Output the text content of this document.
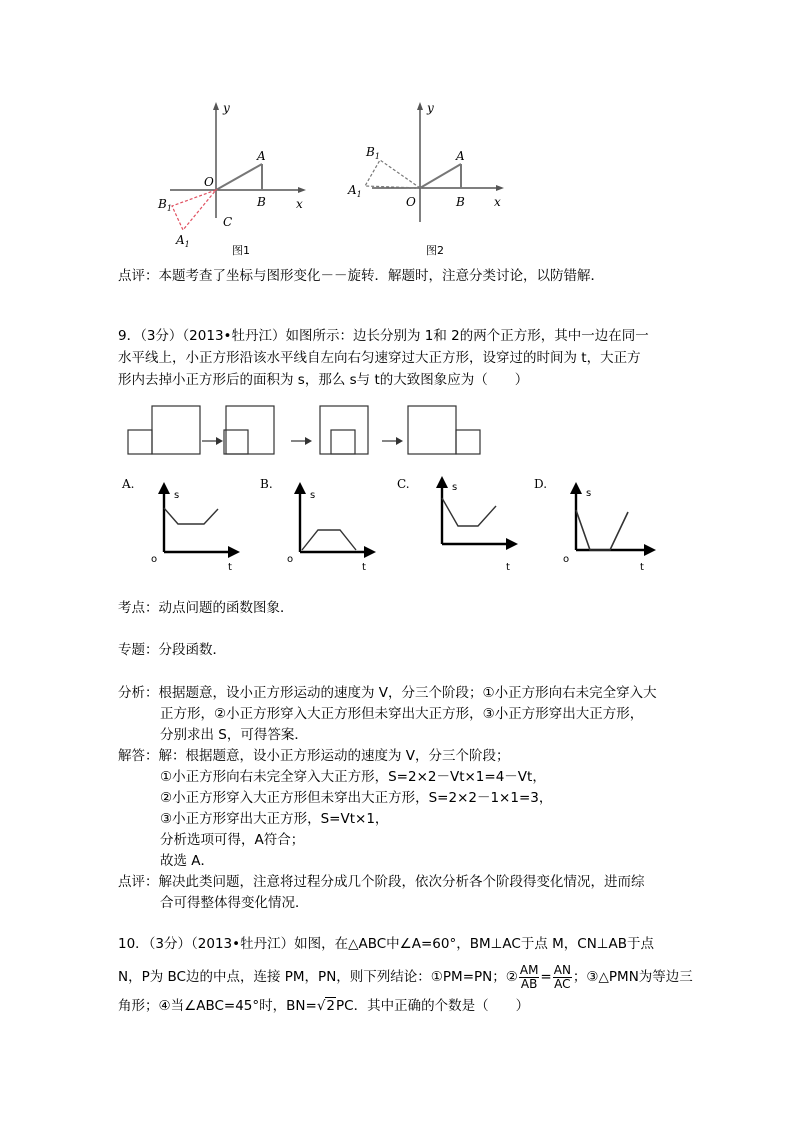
y
x
O
A
B
C
$B_1$
$A_1$	图1
y
x
O
A
B
$B_1$
$A_1$
图2
点评：本题考查了坐标与图形变化－－旋转．解题时，注意分类讨论，以防错解．
9．（3分）（2013•牡丹江）如图所示：边长分别为 1和 2的两个正方形，其中一边在同一
水平线上，小正方形沿该水平线自左向右匀速穿过大正方形，设穿过的时间为 t，大正方
形内去掉小正方形后的面积为 s，那么 s与 t的大致图象应为（　　）
A.	B.	C.	D.
s
o
t
s
o
t
s
t
s
o
t
考点：动点问题的函数图象．
专题：分段函数．
分析：根据题意，设小正方形运动的速度为 V，分三个阶段；①小正方形向右未完全穿入大
正方形，②小正方形穿入大正方形但未穿出大正方形，③小正方形穿出大正方形，
分别求出 S，可得答案．
解答：解：根据题意，设小正方形运动的速度为 V，分三个阶段；
①小正方形向右未完全穿入大正方形，S=2×2－Vt×1=4－Vt，
②小正方形穿入大正方形但未穿出大正方形，S=2×2－1×1=3，
③小正方形穿出大正方形，S=Vt×1，
分析选项可得，A符合；
故选 A．
点评：解决此类问题，注意将过程分成几个阶段，依次分析各个阶段得变化情况，进而综
合可得整体得变化情况．
10．（3分）（2013•牡丹江）如图，在△ABC中∠A=60°，BM⊥AC于点 M，CN⊥AB于点
N，P为 BC边的中点，连接 PM，PN，则下列结论：①PM=PN；② $\frac{AM}{AB} = \frac{AN}{AC}$ ；③△PMN为等边三
角形；④当∠ABC=45°时，BN=√2PC．其中正确的个数是（　　）
